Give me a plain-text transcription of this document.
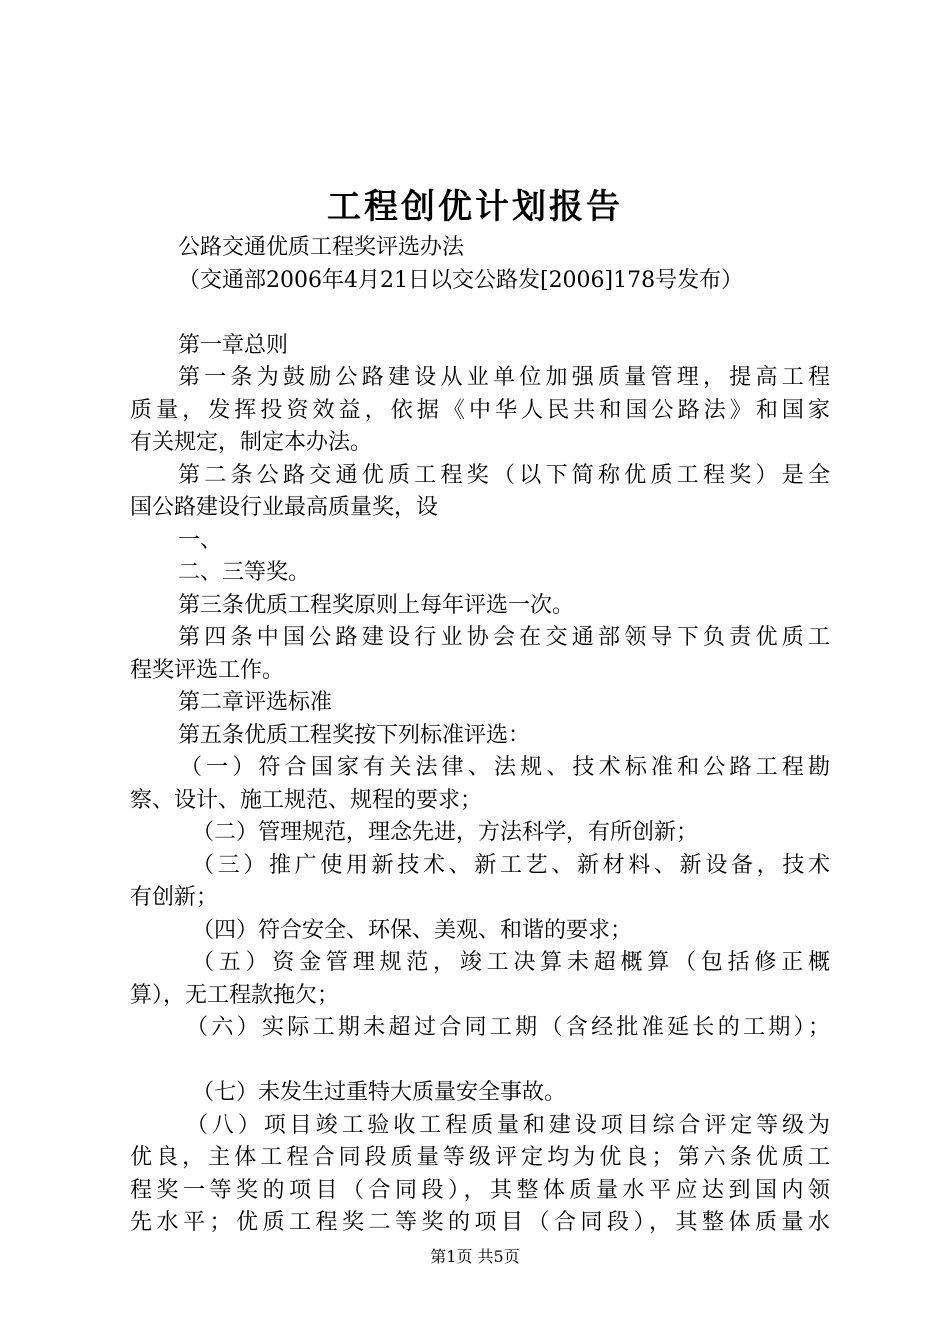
工程创优计划报告
公路交通优质工程奖评选办法
（交通部2006年4月21日以交公路发[2006]178号发布）
第一章总则
第一条为鼓励公路建设从业单位加强质量管理，提高工程
质量，发挥投资效益，依据《中华人民共和国公路法》和国家
有关规定，制定本办法。
第二条公路交通优质工程奖（以下简称优质工程奖）是全
国公路建设行业最高质量奖，设
一、
二、三等奖。
第三条优质工程奖原则上每年评选一次。
第四条中国公路建设行业协会在交通部领导下负责优质工
程奖评选工作。
第二章评选标准
第五条优质工程奖按下列标准评选：
（一）符合国家有关法律、法规、技术标准和公路工程勘
察、设计、施工规范、规程的要求；
（二）管理规范，理念先进，方法科学，有所创新；
（三）推广使用新技术、新工艺、新材料、新设备，技术
有创新；
（四）符合安全、环保、美观、和谐的要求；
（五）资金管理规范，竣工决算未超概算（包括修正概
算），无工程款拖欠；
（六）实际工期未超过合同工期（含经批准延长的工期）；
（七）未发生过重特大质量安全事故。
（八）项目竣工验收工程质量和建设项目综合评定等级为
优良，主体工程合同段质量等级评定均为优良；第六条优质工
程奖一等奖的项目（合同段），其整体质量水平应达到国内领
先水平；优质工程奖二等奖的项目（合同段），其整体质量水
第1页 共5页
